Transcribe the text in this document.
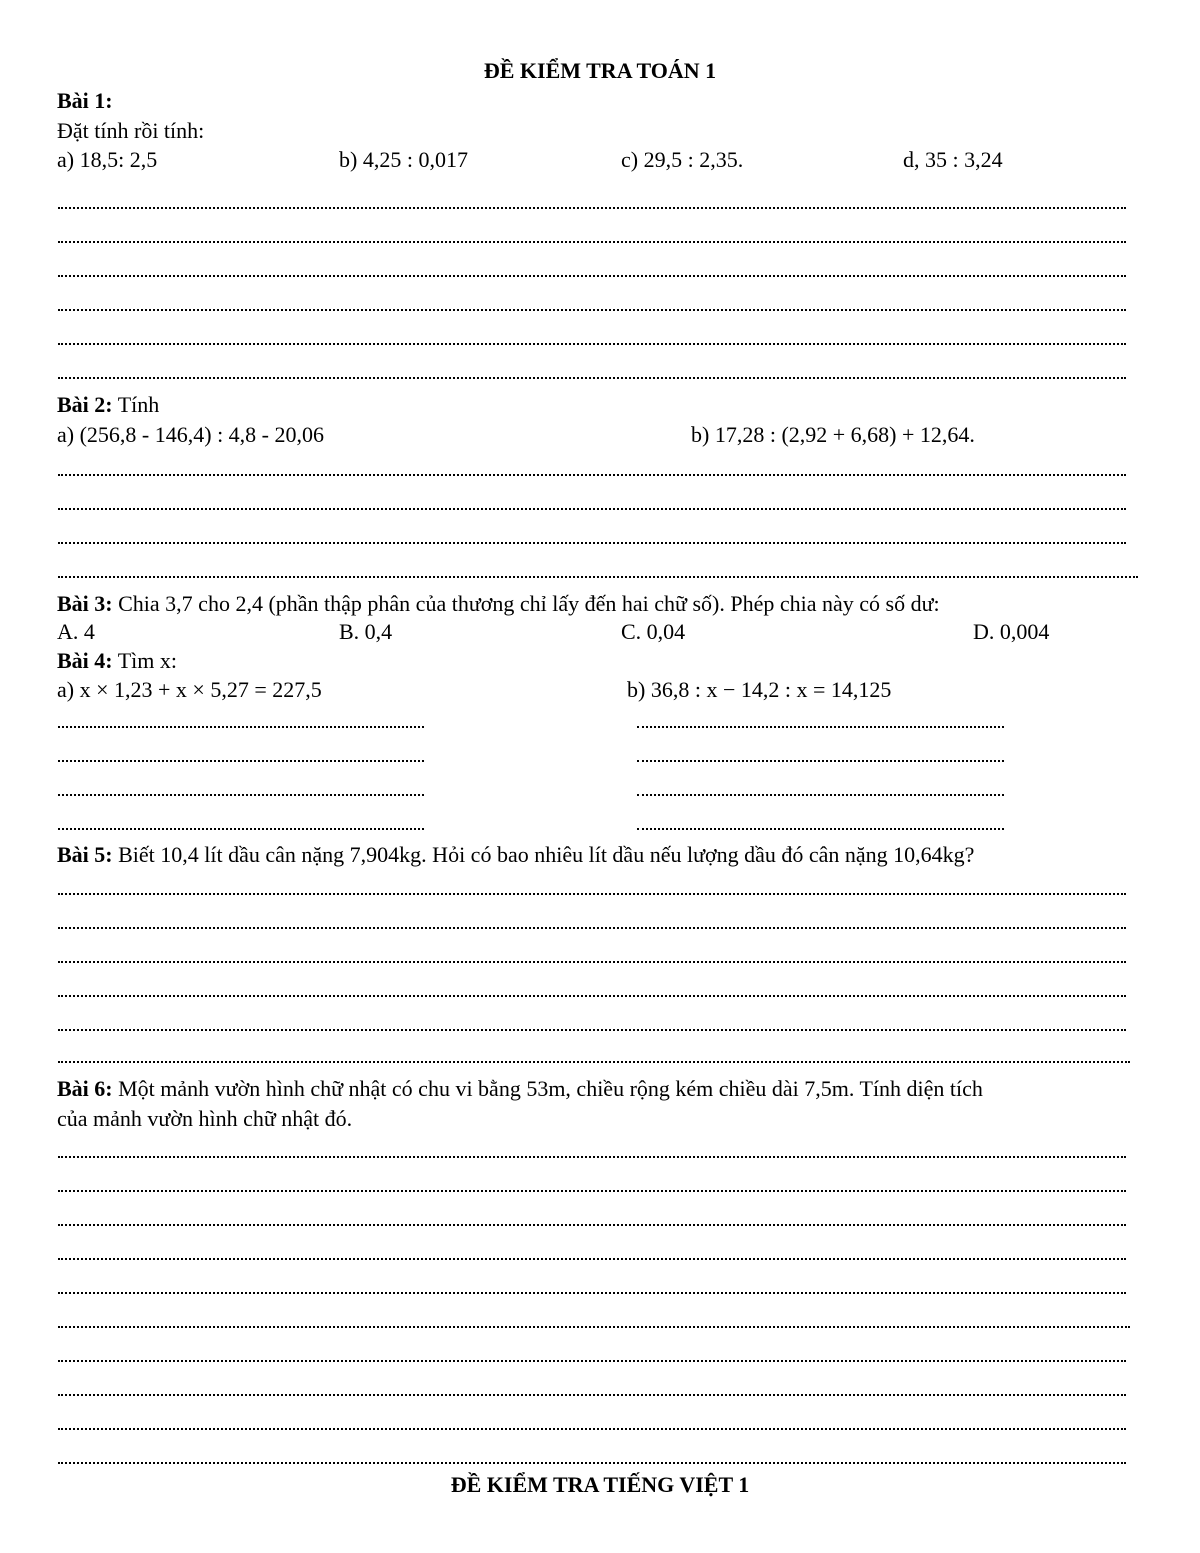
ĐỀ KIỂM TRA TOÁN 1
Bài 1:
Đặt tính rồi tính:
a) 18,5: 2,5	b) 4,25 : 0,017	c) 29,5 : 2,35.	d, 35 : 3,24
Bài 2: Tính
a) (256,8 - 146,4) : 4,8 - 20,06	b) 17,28 : (2,92 + 6,68) + 12,64.
Bài 3: Chia 3,7 cho 2,4 (phần thập phân của thương chỉ lấy đến hai chữ số). Phép chia này có số dư:
A. 4	B. 0,4	C. 0,04	D. 0,004
Bài 4: Tìm x:
a) x × 1,23 + x × 5,27 = 227,5	b) 36,8 : x − 14,2 : x = 14,125
Bài 5: Biết 10,4 lít dầu cân nặng 7,904kg. Hỏi có bao nhiêu lít dầu nếu lượng dầu đó cân nặng 10,64kg?
Bài 6: Một mảnh vườn hình chữ nhật có chu vi bằng 53m, chiều rộng kém chiều dài 7,5m. Tính diện tích
của mảnh vườn hình chữ nhật đó.
ĐỀ KIỂM TRA TIẾNG VIỆT 1
